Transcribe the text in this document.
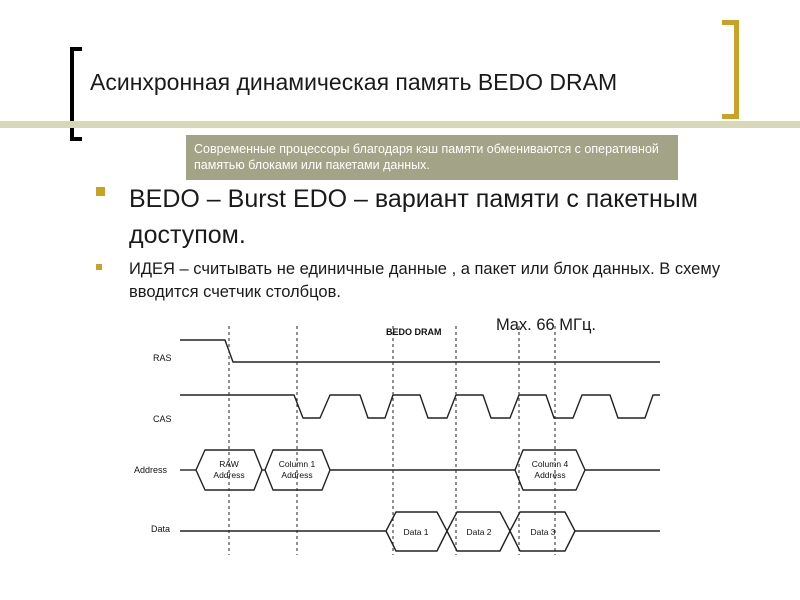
Асинхронная динамическая память BEDO DRAM
Современные процессоры благодаря кэш памяти обмениваются с оперативной памятью блоками или пакетами данных.
BEDO – Burst EDO – вариант памяти с пакетным доступом.
ИДЕЯ – считывать не единичные данные , а пакет или блок данных. В схему вводится счетчик столбцов.
Max. 66 МГц.
BEDO DRAM
RAS
CAS
Address
Data
RAW
Address
Column 1
Address
Column 4
Address
Data 1	Data 2	Data 3
